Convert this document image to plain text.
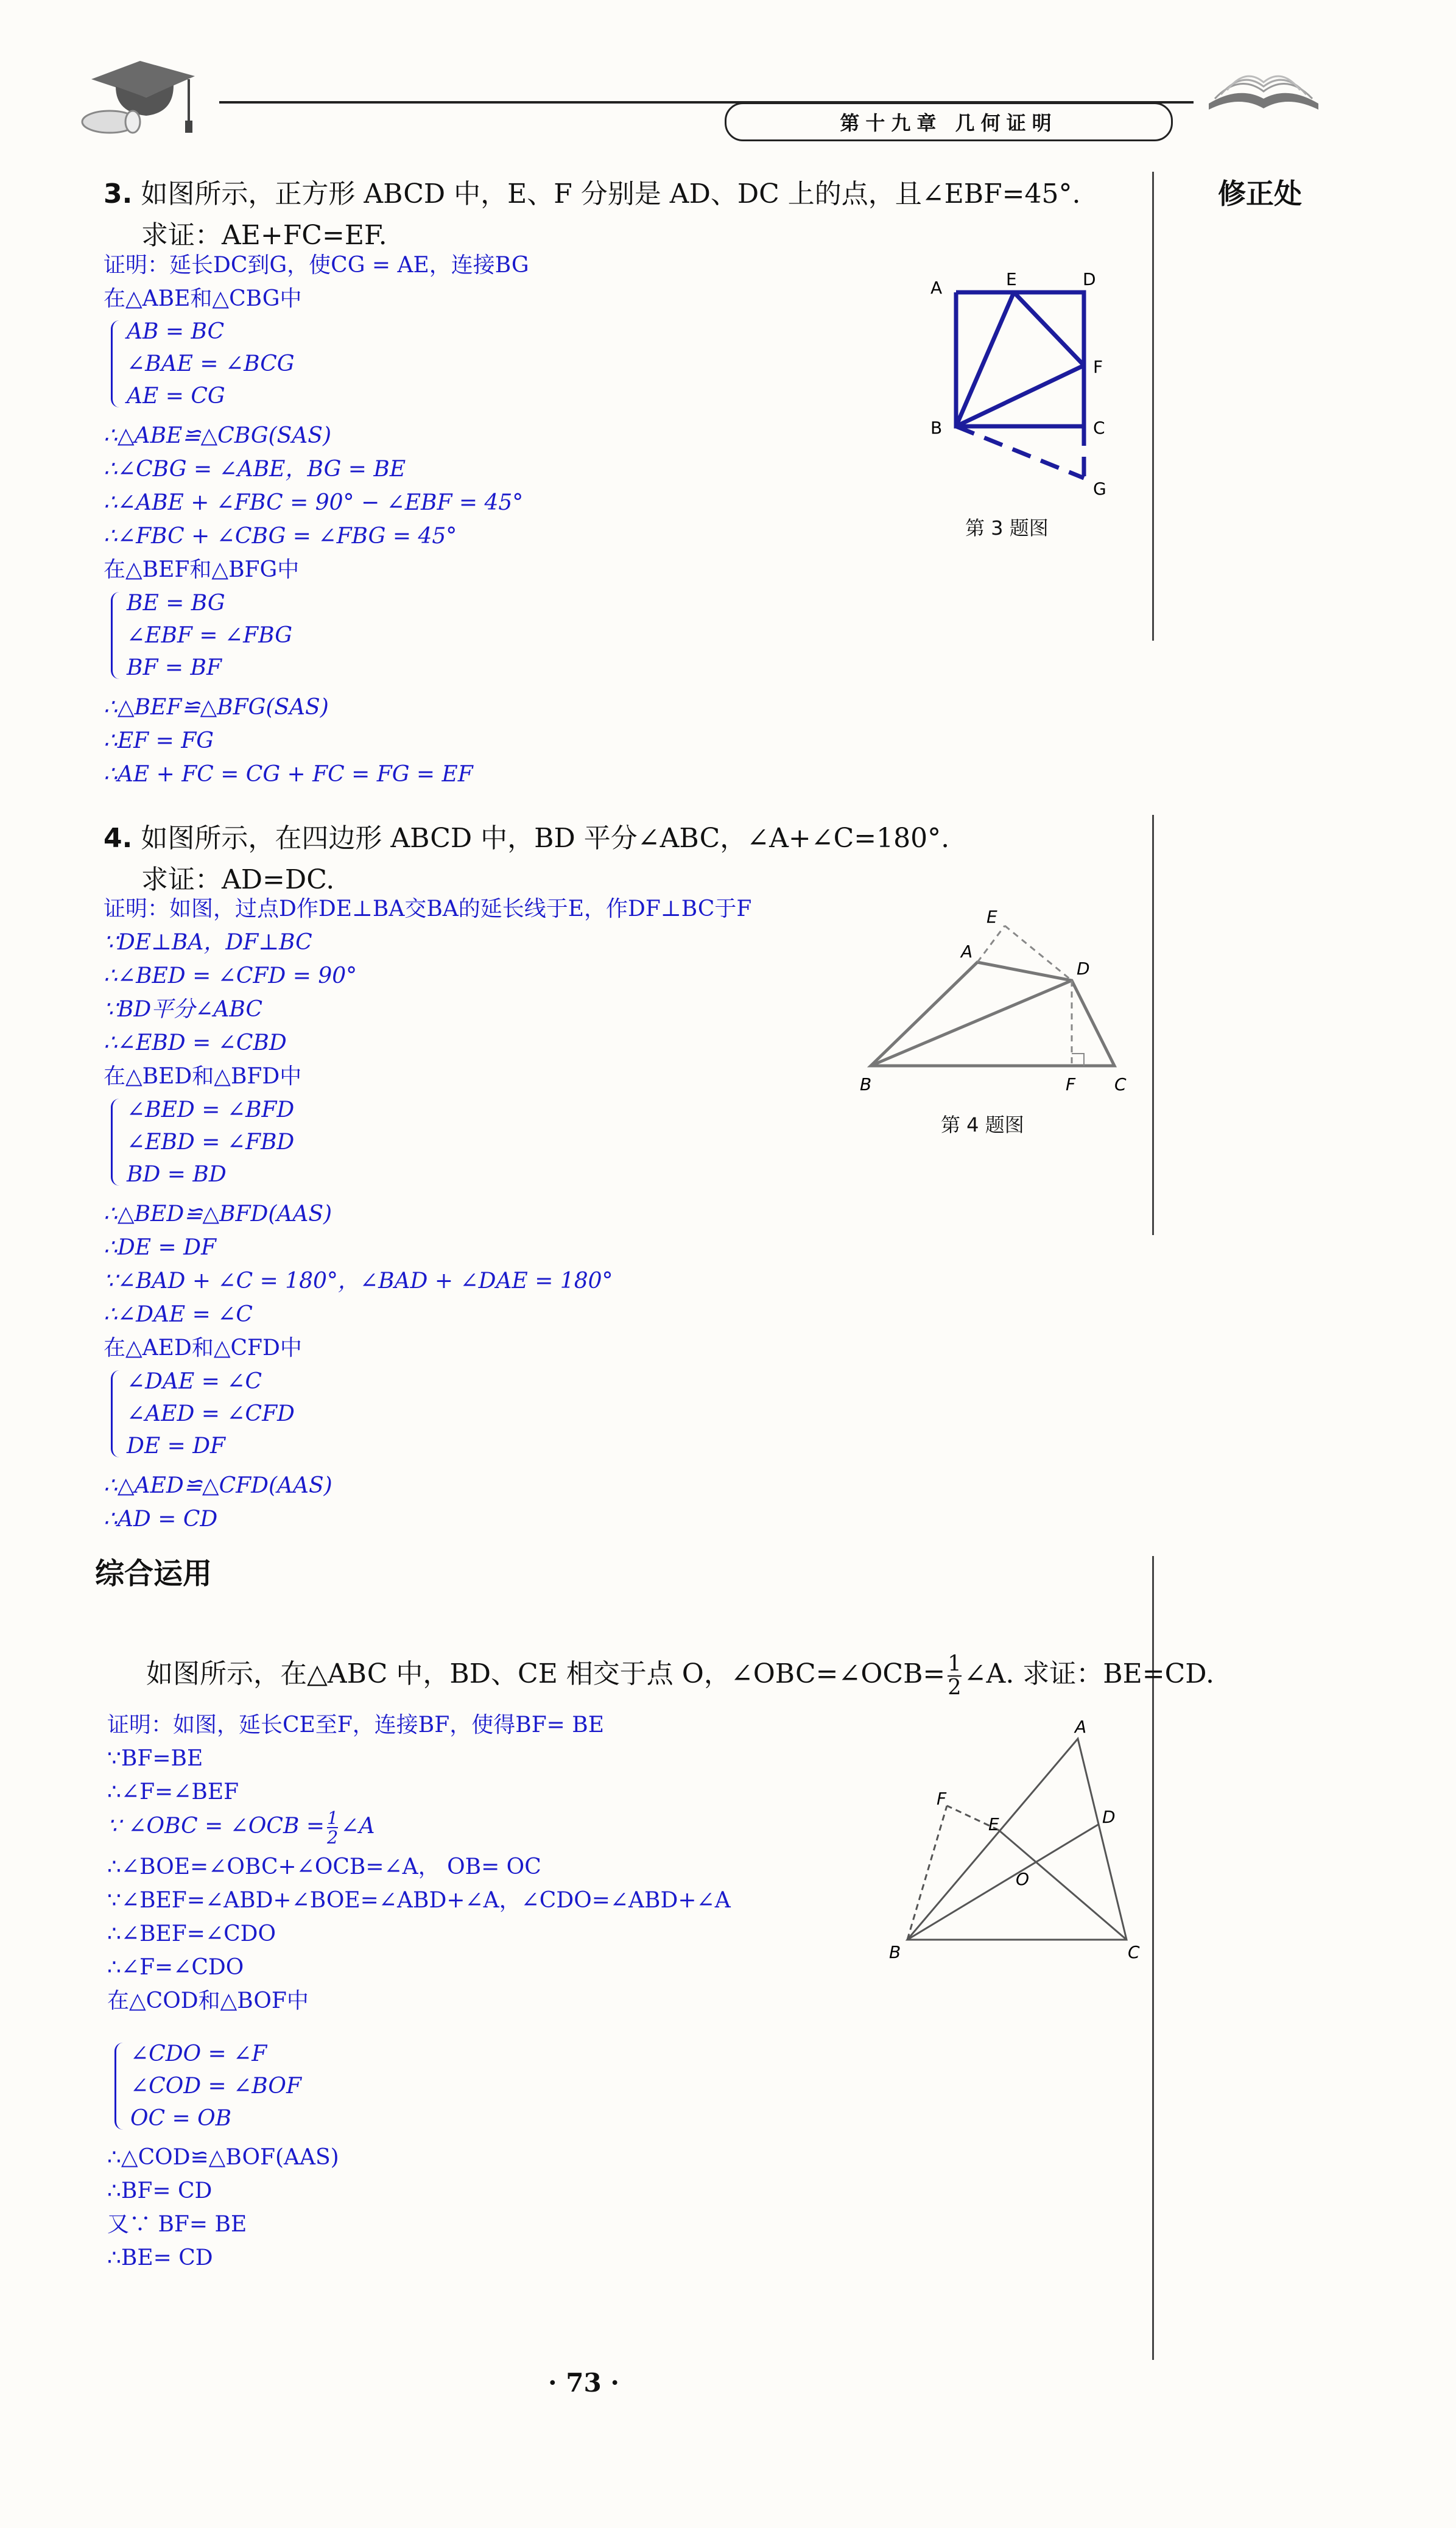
第十九章 几何证明
修正处
3. 如图所示，正方形 ABCD 中，E、F 分别是 AD、DC 上的点，且∠EBF=45°.
求证：AE+FC=EF.
证明：延长DC到G，使CG = AE，连接BG
在△ABE和△CBG中
AB = BC
∠BAE = ∠BCG
AE = CG
∴△ABE≌△CBG(SAS)
∴∠CBG = ∠ABE，BG = BE
∴∠ABE + ∠FBC = 90° − ∠EBF = 45°
∴∠FBC + ∠CBG = ∠FBG = 45°
在△BEF和△BFG中
BE = BG
∠EBF = ∠FBG
BF = BF
∴△BEF≌△BFG(SAS)
∴EF = FG
∴AE + FC = CG + FC = FG = EF
A	E	D
F
B	C
G
第 3 题图
4. 如图所示，在四边形 ABCD 中，BD 平分∠ABC，∠A+∠C=180°.
求证：AD=DC.
证明：如图，过点D作DE⊥BA交BA的延长线于E，作DF⊥BC于F
∵DE⊥BA，DF⊥BC
∴∠BED = ∠CFD = 90°
∵BD平分∠ABC
∴∠EBD = ∠CBD
在△BED和△BFD中
∠BED = ∠BFD
∠EBD = ∠FBD
BD = BD
∴△BED≌△BFD(AAS)
∴DE = DF
∵∠BAD + ∠C = 180°，∠BAD + ∠DAE = 180°
∴∠DAE = ∠C
在△AED和△CFD中
∠DAE = ∠C
∠AED = ∠CFD
DE = DF
∴△AED≌△CFD(AAS)
∴AD = CD
E
A
D
B	F C
第 4 题图
综合运用
如图所示，在△ABC 中，BD、CE 相交于点 O，∠OBC=∠OCB= $\frac{1}{2}$ ∠A. 求证：BE=CD.
证明：如图，延长CE至F，连接BF，使得BF= BE
∵BF=BE
∴∠F=∠BEF
∵ ∠OBC = ∠OCB = $\frac{1}{2}$ ∠A
∴∠BOE=∠OBC+∠OCB=∠A， OB= OC
∵∠BEF=∠ABD+∠BOE=∠ABD+∠A，∠CDO=∠ABD+∠A
∴∠BEF=∠CDO
∴∠F=∠CDO
在△COD和△BOF中
∠CDO = ∠F
∠COD = ∠BOF
OC = OB
∴△COD≌△BOF(AAS)
∴BF= CD
又∵ BF= BE
∴BE= CD
A
F
E	D
O
B	C
· 73 ·
